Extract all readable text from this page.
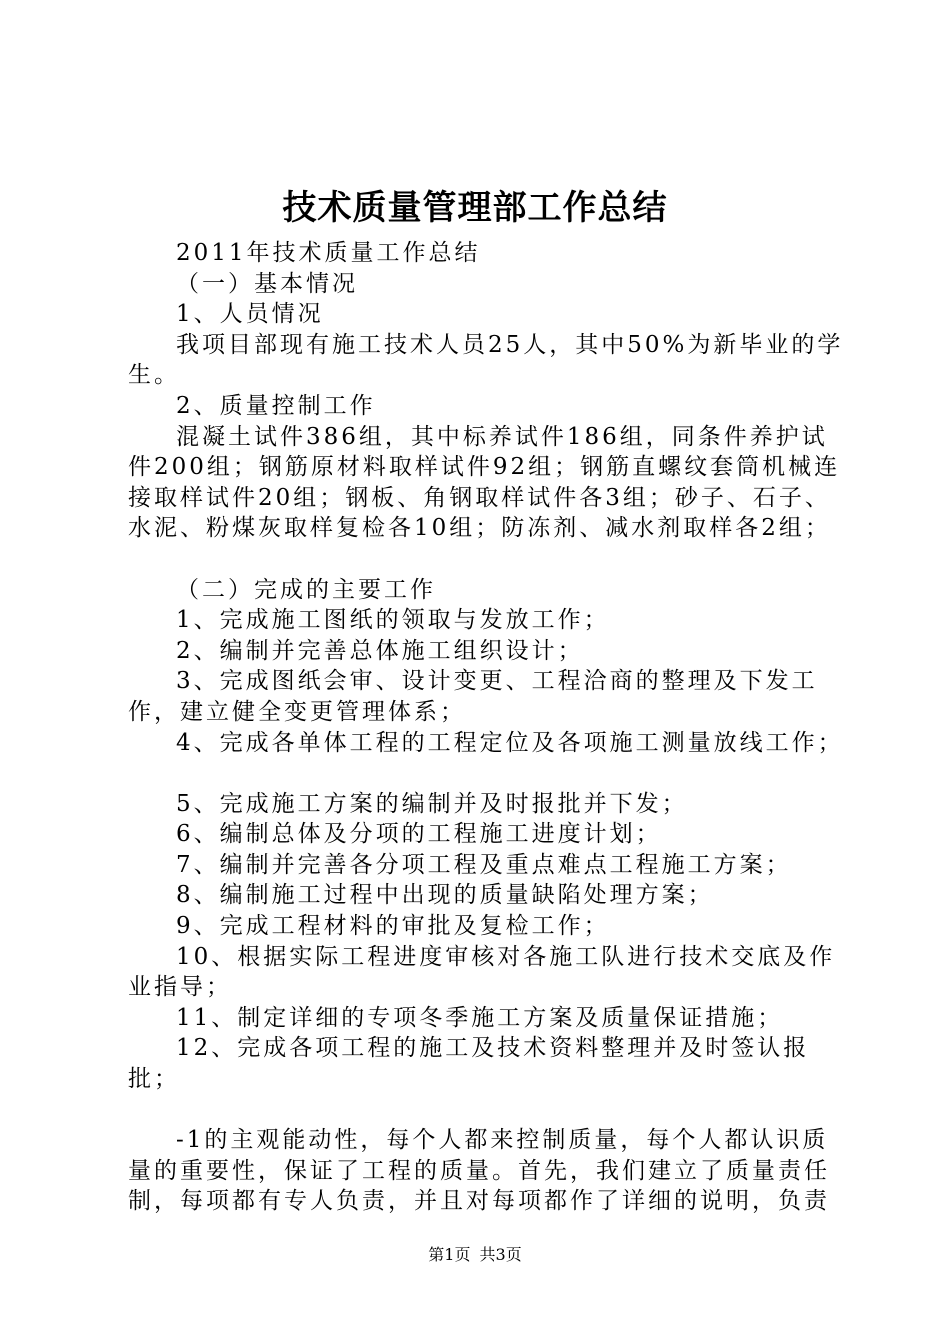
技术质量管理部工作总结

2011年技术质量工作总结

（一）基本情况

1、人员情况

我项目部现有施工技术人员25人，其中50%为新毕业的学生。

2、质量控制工作

混凝土试件386组，其中标养试件186组，同条件养护试件200组；钢筋原材料取样试件92组；钢筋直螺纹套筒机械连接取样试件20组；钢板、角钢取样试件各3组；砂子、石子、水泥、粉煤灰取样复检各10组；防冻剂、减水剂取样各2组；

（二）完成的主要工作

1、完成施工图纸的领取与发放工作；

2、编制并完善总体施工组织设计；

3、完成图纸会审、设计变更、工程洽商的整理及下发工作，建立健全变更管理体系；

4、完成各单体工程的工程定位及各项施工测量放线工作；

5、完成施工方案的编制并及时报批并下发；

6、编制总体及分项的工程施工进度计划；

7、编制并完善各分项工程及重点难点工程施工方案；

8、编制施工过程中出现的质量缺陷处理方案；

9、完成工程材料的审批及复检工作；

10、根据实际工程进度审核对各施工队进行技术交底及作业指导；

11、制定详细的专项冬季施工方案及质量保证措施；

12、完成各项工程的施工及技术资料整理并及时签认报批；

-1的主观能动性，每个人都来控制质量，每个人都认识质量的重要性，保证了工程的质量。首先，我们建立了质量责任制，每项都有专人负责，并且对每项都作了详细的说明，负责

第1页 共3页
